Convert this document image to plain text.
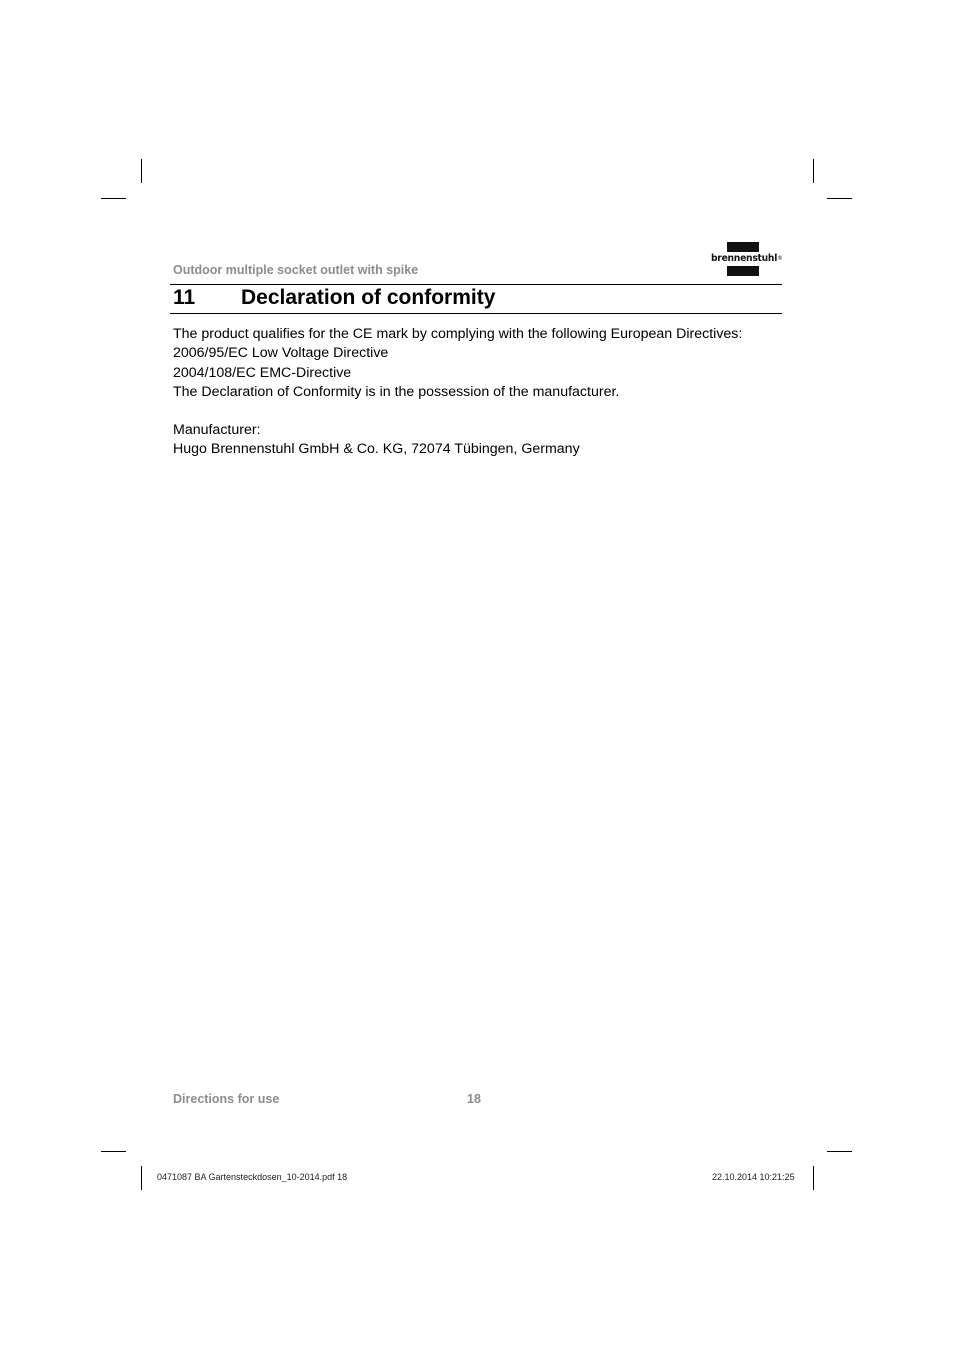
Outdoor multiple socket outlet with spike
brennenstuhl®
11 Declaration of conformity

The product qualifies for the CE mark by complying with the following European Directives:

2006/95/EC Low Voltage Directive

2004/108/EC EMC-Directive

The Declaration of Conformity is in the possession of the manufacturer.

Manufacturer:

Hugo Brennenstuhl GmbH & Co. KG, 72074 Tübingen, Germany

Directions for use	18
0471087 BA Gartensteckdosen_10-2014.pdf 18	22.10.2014 10:21:25
